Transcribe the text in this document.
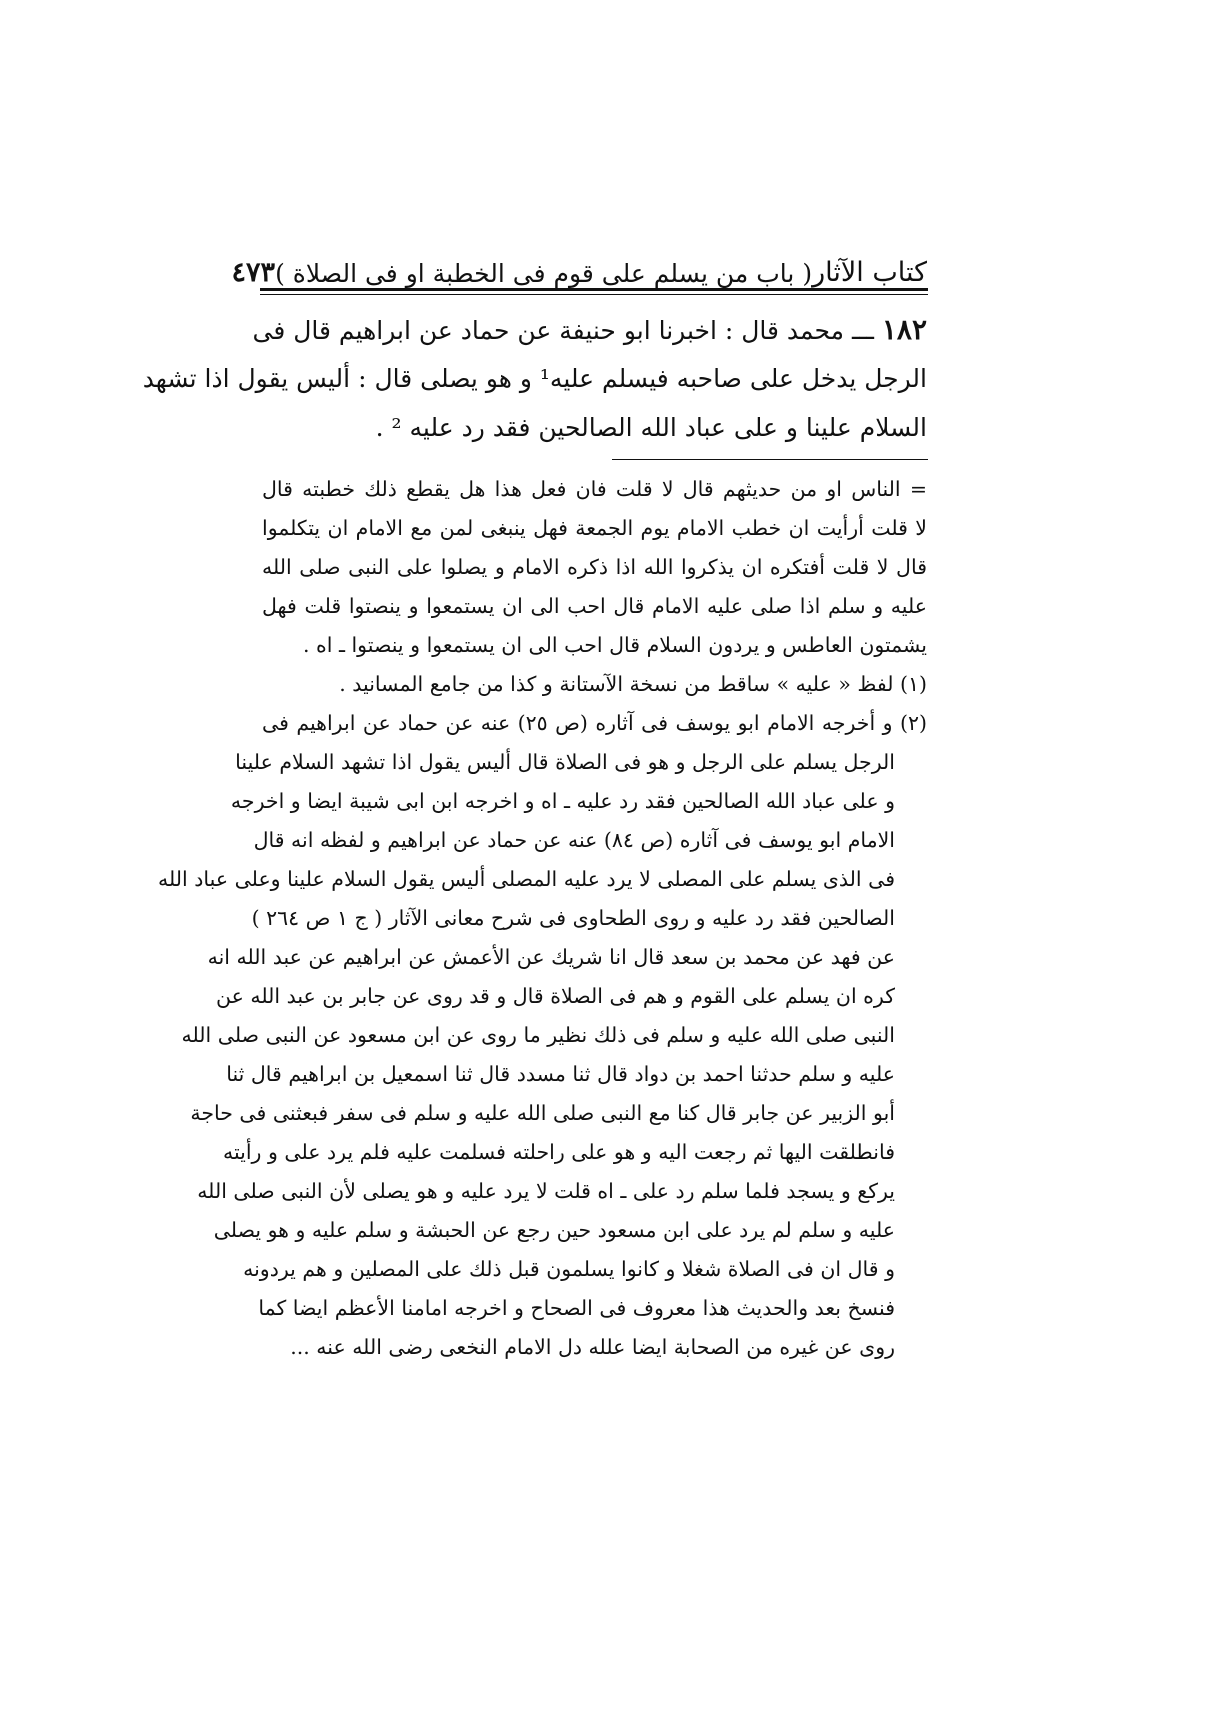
كتاب الآثار
( باب من يسلم على قوم فى الخطبة او فى الصلاة )
٤٧٣
١٨٢ ـــ محمد قال : اخبرنا ابو حنيفة عن حماد عن ابراهيم قال فى
الرجل يدخل على صاحبه فيسلم عليه¹ و هو يصلى قال : أليس يقول اذا تشهد
السلام علينا و على عباد الله الصالحين فقد رد عليه ² .
= الناس او من حديثهم قال لا قلت فان فعل هذا هل يقطع ذلك خطبته قال
لا قلت أرأيت ان خطب الامام يوم الجمعة فهل ينبغى لمن مع الامام ان يتكلموا
قال لا قلت أفتكره ان يذكروا الله اذا ذكره الامام و يصلوا على النبى صلى الله
عليه و سلم اذا صلى عليه الامام قال احب الى ان يستمعوا و ينصتوا قلت فهل
يشمتون العاطس و يردون السلام قال احب الى ان يستمعوا و ينصتوا ـ اه .
(١) لفظ « عليه » ساقط من نسخة الآستانة و كذا من جامع المسانيد .
(٢) و أخرجه الامام ابو يوسف فى آثاره (ص ٢٥) عنه عن حماد عن ابراهيم فى
الرجل يسلم على الرجل و هو فى الصلاة قال أليس يقول اذا تشهد السلام علينا
و على عباد الله الصالحين فقد رد عليه ـ اه و اخرجه ابن ابى شيبة ايضا و اخرجه
الامام ابو يوسف فى آثاره (ص ٨٤) عنه عن حماد عن ابراهيم و لفظه انه قال
فى الذى يسلم على المصلى لا يرد عليه المصلى أليس يقول السلام علينا وعلى عباد الله
الصالحين فقد رد عليه و روى الطحاوى فى شرح معانى الآثار ( ج ١ ص ٢٦٤ )
عن فهد عن محمد بن سعد قال انا شريك عن الأعمش عن ابراهيم عن عبد الله انه
كره ان يسلم على القوم و هم فى الصلاة قال و قد روى عن جابر بن عبد الله عن
النبى صلى الله عليه و سلم فى ذلك نظير ما روى عن ابن مسعود عن النبى صلى الله
عليه و سلم حدثنا احمد بن دواد قال ثنا مسدد قال ثنا اسمعيل بن ابراهيم قال ثنا
أبو الزبير عن جابر قال كنا مع النبى صلى الله عليه و سلم فى سفر فبعثنى فى حاجة
فانطلقت اليها ثم رجعت اليه و هو على راحلته فسلمت عليه فلم يرد على و رأيته
يركع و يسجد فلما سلم رد على ـ اه قلت لا يرد عليه و هو يصلى لأن النبى صلى الله
عليه و سلم لم يرد على ابن مسعود حين رجع عن الحبشة و سلم عليه و هو يصلى
و قال ان فى الصلاة شغلا و كانوا يسلمون قبل ذلك على المصلين و هم يردونه
فنسخ بعد والحديث هذا معروف فى الصحاح و اخرجه امامنا الأعظم ايضا كما
روى عن غيره من الصحابة ايضا علله دل الامام النخعى رضى الله عنه ...
